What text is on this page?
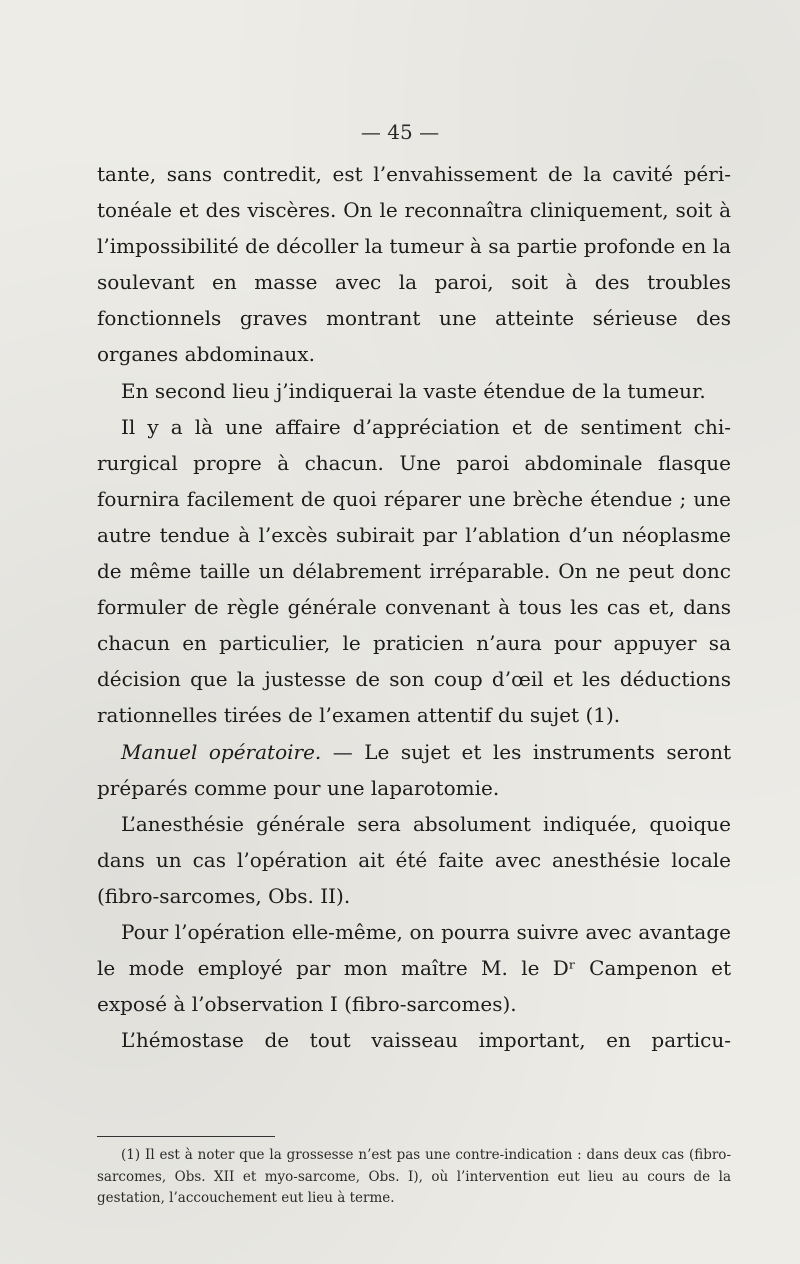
— 45 —

tante, sans contredit, est l’envahissement de la cavité péritonéale et des viscères. On le reconnaîtra cliniquement, soit à l’impossibilité de décoller la tumeur à sa partie profonde en la soulevant en masse avec la paroi, soit à des troubles fonctionnels graves montrant une atteinte sérieuse des organes abdominaux.

En second lieu j’indiquerai la vaste étendue de la tumeur.

Il y a là une affaire d’appréciation et de sentiment chirurgical propre à chacun. Une paroi abdominale flasque fournira facilement de quoi réparer une brèche étendue ; une autre tendue à l’excès subirait par l’ablation d’un néoplasme de même taille un délabrement irréparable. On ne peut donc formuler de règle générale convenant à tous les cas et, dans chacun en particulier, le praticien n’aura pour appuyer sa décision que la justesse de son coup d’œil et les déductions rationnelles tirées de l’examen attentif du sujet (1).

Manuel opératoire. — Le sujet et les instruments seront préparés comme pour une laparotomie.

L’anesthésie générale sera absolument indiquée, quoique dans un cas l’opération ait été faite avec anesthésie locale (fibro-sarcomes, Obs. II).

Pour l’opération elle-même, on pourra suivre avec avantage le mode employé par mon maître M. le Dʳ Campenon et exposé à l’observation I (fibro-sarcomes).

L’hémostase de tout vaisseau important, en particu-

(1) Il est à noter que la grossesse n’est pas une contre-indication : dans deux cas (fibro-sarcomes, Obs. XII et myo-sarcome, Obs. I), où l’intervention eut lieu au cours de la gestation, l’accouchement eut lieu à terme.
